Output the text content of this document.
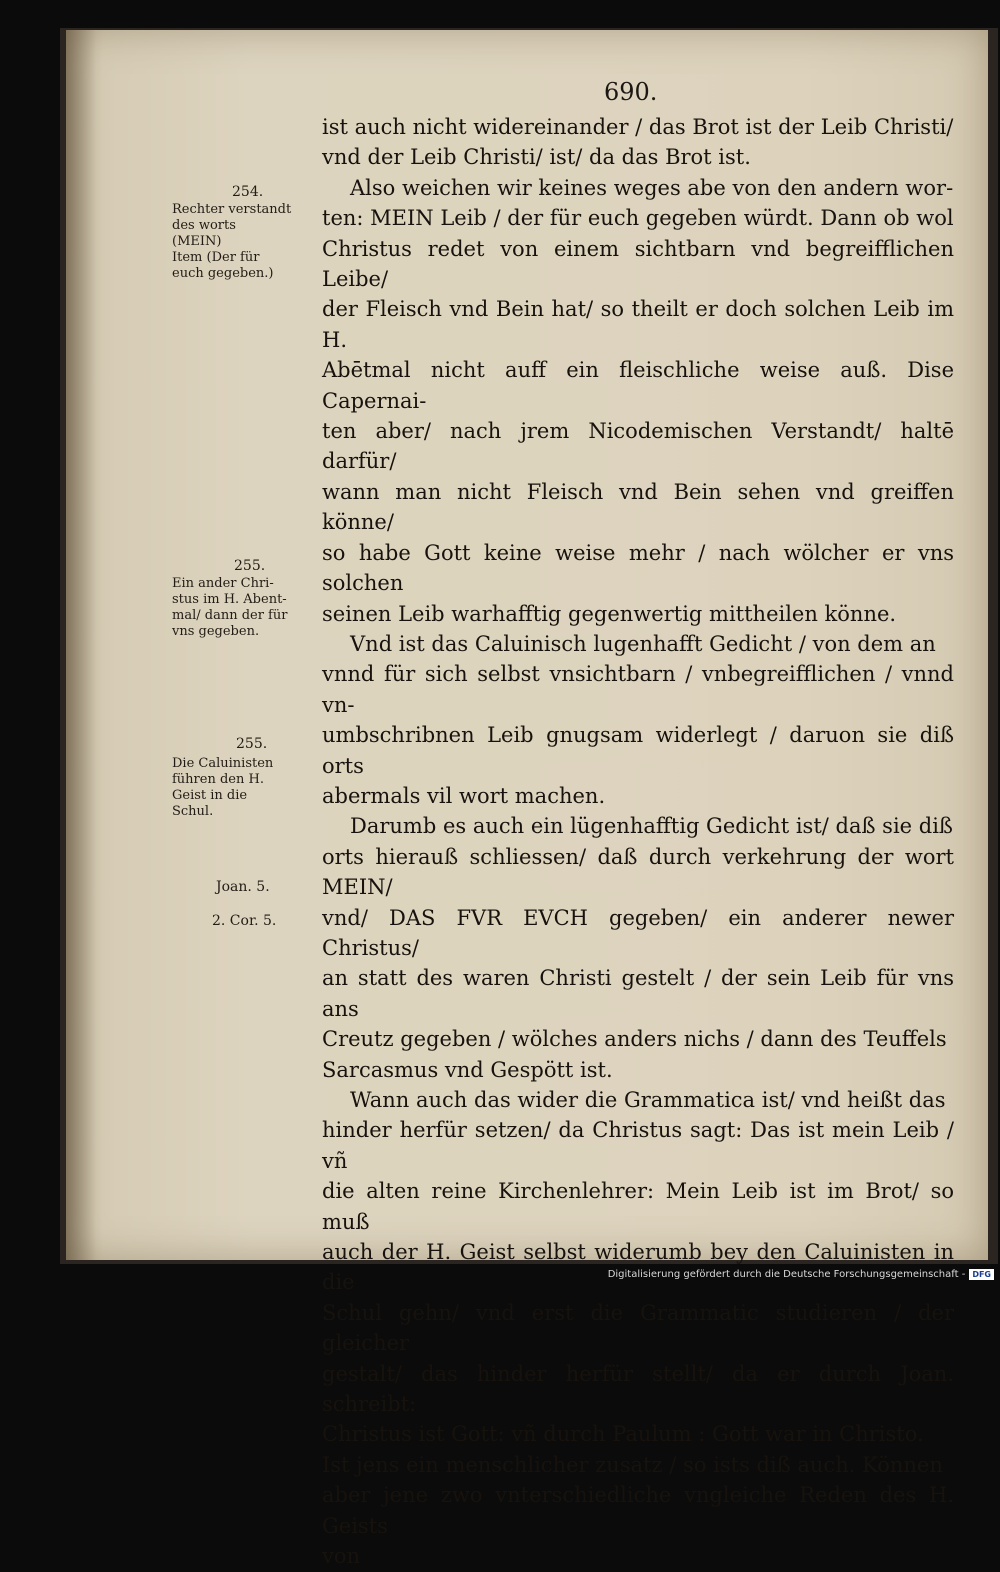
690.

ist auch nicht widereinander / das Brot ist der Leib Christi/
vnd der Leib Christi/ ist/ da das Brot ist.

Also weichen wir keines weges abe von den andern wor-
ten: MEIN Leib / der für euch gegeben würdt. Dann ob wol
Christus redet von einem sichtbarn vnd begreifflichen Leibe/
der Fleisch vnd Bein hat/ so theilt er doch solchen Leib im H.
Abētmal nicht auff ein fleischliche weise auß. Dise Capernai-
ten aber/ nach jrem Nicodemischen Verstandt/ haltē darfür/
wann man nicht Fleisch vnd Bein sehen vnd greiffen könne/
so habe Gott keine weise mehr / nach wölcher er vns solchen
seinen Leib warhafftig gegenwertig mittheilen könne.

Vnd ist das Caluinisch lugenhafft Gedicht / von dem an
vnnd für sich selbst vnsichtbarn / vnbegreifflichen / vnnd vn-
umbschribnen Leib gnugsam widerlegt / daruon sie diß orts
abermals vil wort machen.

Darumb es auch ein lügenhafftig Gedicht ist/ daß sie diß
orts hierauß schliessen/ daß durch verkehrung der wort MEIN/
vnd/ DAS FVR EVCH gegeben/ ein anderer newer Christus/
an statt des waren Christi gestelt / der sein Leib für vns ans
Creutz gegeben / wölches anders nichs / dann des Teuffels
Sarcasmus vnd Gespött ist.

Wann auch das wider die Grammatica ist/ vnd heißt das
hinder herfür setzen/ da Christus sagt: Das ist mein Leib / vñ
die alten reine Kirchenlehrer: Mein Leib ist im Brot/ so muß
auch der H. Geist selbst widerumb bey den Caluinisten in die
Schul gehn/ vnd erst die Grammatic studieren / der gleicher
gestalt/ das hinder herfür stellt/ da er durch Joan. schreibt:
Christus ist Gott: vñ durch Paulum : Gott war in Christo.
Ist jens ein menschlicher zusatz / so ists diß auch. Können
aber jene zwo vnterschiedliche vngleiche Reden des H. Geists
von

254.
Rechter verstandt
des worts
(MEIN)
Item (Der für
euch gegeben.)
255.
Ein ander Chri-
stus im H. Abent-
mal/ dann der für
vns gegeben.
255.
Die Caluinisten
führen den H.
Geist in die
Schul.
Joan. 5.
2. Cor. 5.
Digitalisierung gefördert durch die Deutsche Forschungsgemeinschaft - DFG
